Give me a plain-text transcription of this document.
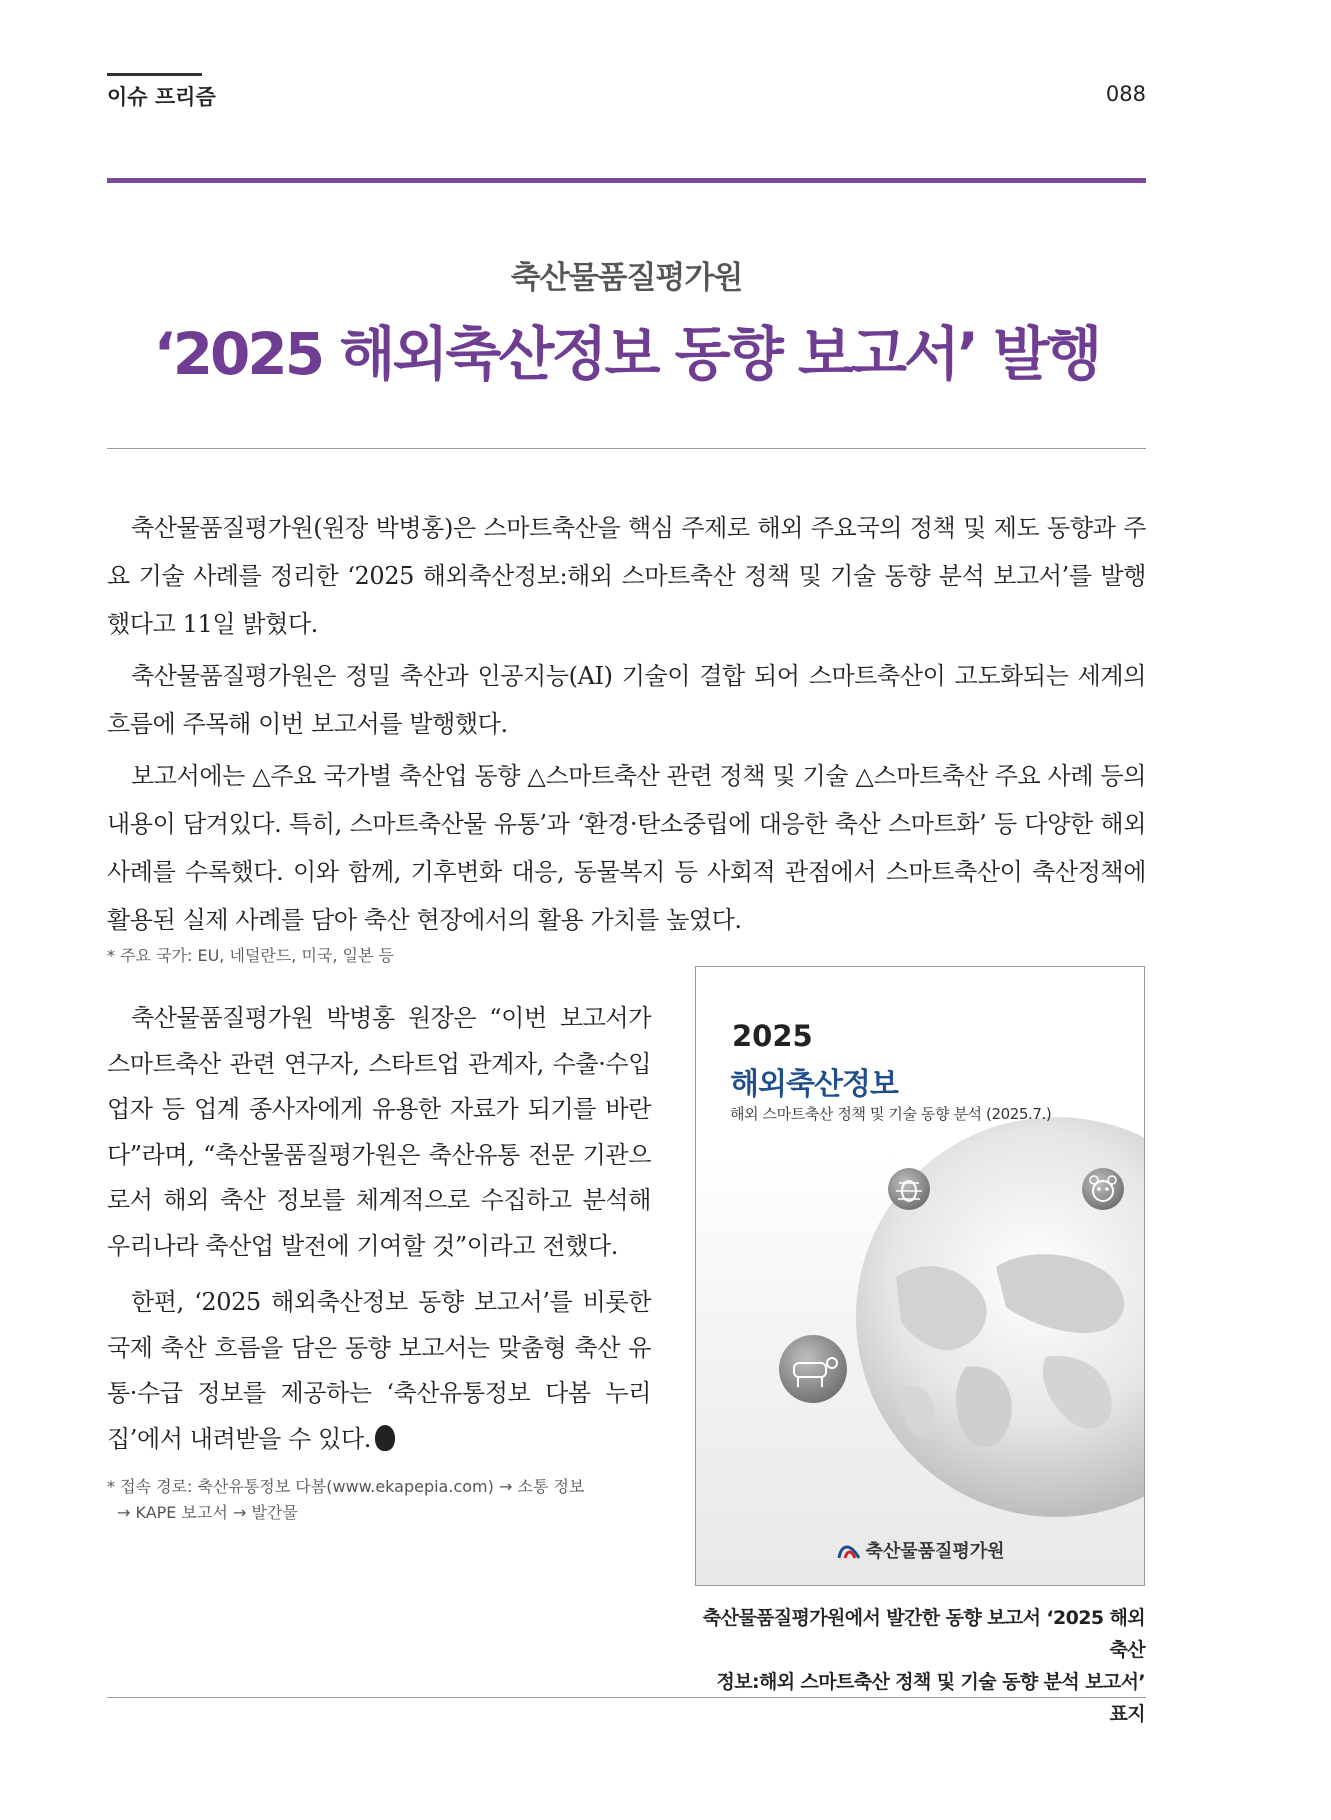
이슈 프리즘	088
축산물품질평가원
‘2025 해외축산정보 동향 보고서’ 발행

축산물품질평가원(원장 박병홍)은 스마트축산을 핵심 주제로 해외 주요국의 정책 및 제도 동향과 주요 기술 사례를 정리한 ‘2025 해외축산정보:해외 스마트축산 정책 및 기술 동향 분석 보고서’를 발행했다고 11일 밝혔다.

축산물품질평가원은 정밀 축산과 인공지능(AI) 기술이 결합 되어 스마트축산이 고도화되는 세계의 흐름에 주목해 이번 보고서를 발행했다.

보고서에는 △주요 국가별 축산업 동향 △스마트축산 관련 정책 및 기술 △스마트축산 주요 사례 등의 내용이 담겨있다. 특히, 스마트축산물 유통’과 ‘환경·탄소중립에 대응한 축산 스마트화’ 등 다양한 해외 사례를 수록했다. 이와 함께, 기후변화 대응, 동물복지 등 사회적 관점에서 스마트축산이 축산정책에 활용된 실제 사례를 담아 축산 현장에서의 활용 가치를 높였다.

* 주요 국가: EU, 네덜란드, 미국, 일본 등

축산물품질평가원 박병홍 원장은 “이번 보고서가 스마트축산 관련 연구자, 스타트업 관계자, 수출·수입업자 등 업계 종사자에게 유용한 자료가 되기를 바란다”라며, “축산물품질평가원은 축산유통 전문 기관으로서 해외 축산 정보를 체계적으로 수집하고 분석해 우리나라 축산업 발전에 기여할 것”이라고 전했다.

한편, ‘2025 해외축산정보 동향 보고서’를 비롯한 국제 축산 흐름을 담은 동향 보고서는 맞춤형 축산 유통·수급 정보를 제공하는 ‘축산유통정보 다봄 누리집’에서 내려받을 수 있다.

* 접속 경로: 축산유통정보 다봄(www.ekapepia.com) → 소통 정보
→ KAPE 보고서 → 발간물
2025
해외축산정보
해외 스마트축산 정책 및 기술 동향 분석 (2025.7.)
축산물품질평가원
축산물품질평가원에서 발간한 동향 보고서 ‘2025 해외축산
정보:해외 스마트축산 정책 및 기술 동향 분석 보고서’ 표지
